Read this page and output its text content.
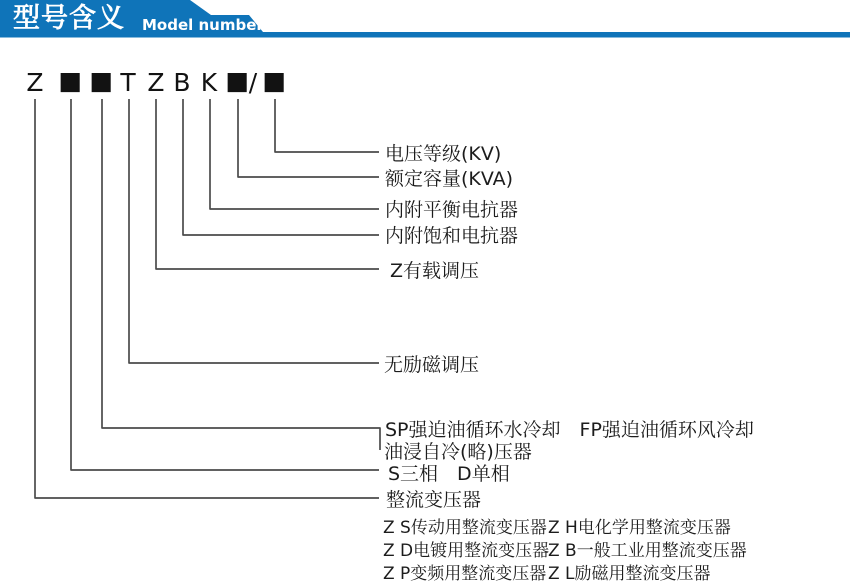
型号含义 Model number
Z ■ ■ T Z B K ■ / ■
电压等级(KV)
额定容量(KVA)
内附平衡电抗器
内附饱和电抗器
Z有载调压
无励磁调压
SP强迫油循环水冷却　FP强迫油循环风冷却
油浸自冷(略)压器
S三相　D单相
整流变压器
Z S传动用整流变压器 Z H电化学用整流变压器
Z D电镀用整流变压器
Z B一般工业用整流变压器
Z P变频用整流变压器 Z L励磁用整流变压器
